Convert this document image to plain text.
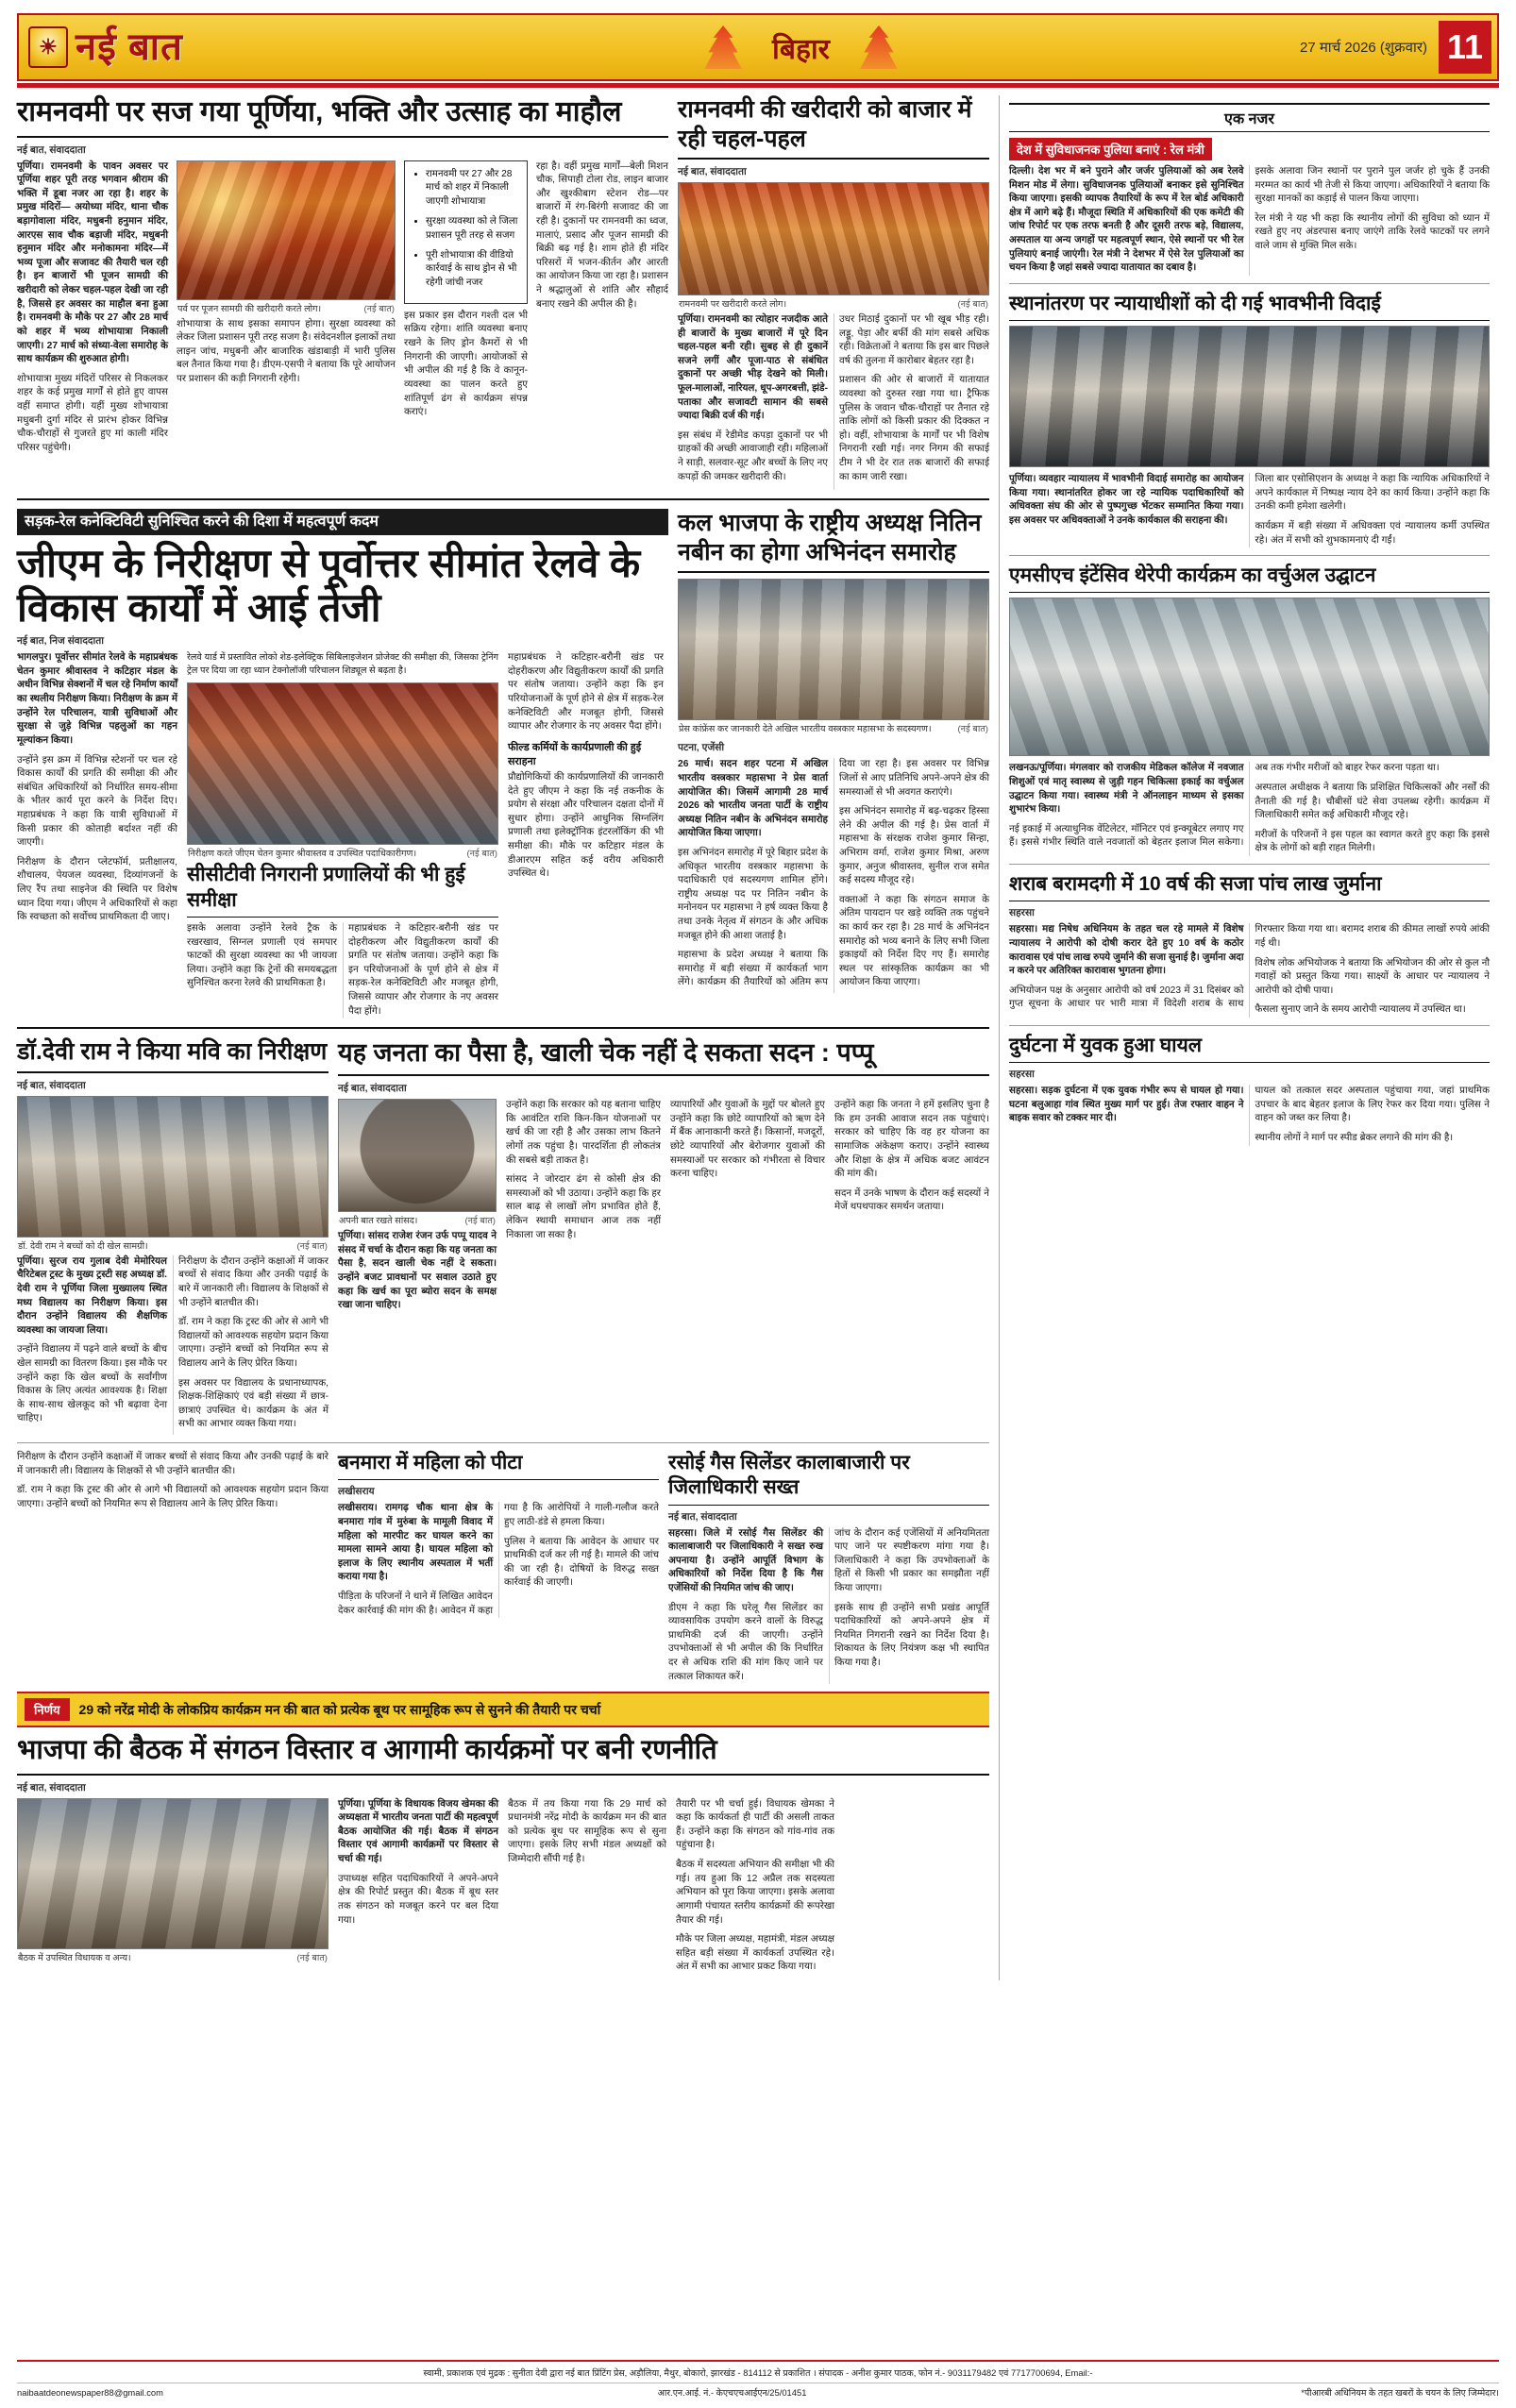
☀ नई बात	बिहार	27 मार्च 2026 (शुक्रवार) 11
रामनवमी पर सज गया पूर्णिया, भक्ति और उत्साह का माहौल
नई बात, संवाददाता

पूर्णिया। रामनवमी के पावन अवसर पर पूर्णिया शहर पूरी तरह भगवान श्रीराम की भक्ति में डूबा नजर आ रहा है। शहर के प्रमुख मंदिरों— अयोध्या मंदिर, थाना चौक बड़ागोवाला मंदिर, मधुबनी हनुमान मंदिर, आरएस साव चौक बड़ाजी मंदिर, मधुबनी हनुमान मंदिर और मनोकामना मंदिर—में भव्य पूजा और सजावट की तैयारी चल रही है। इन बाजारों भी पूजन सामग्री की खरीदारी को लेकर चहल-पहल देखी जा रही है, जिससे हर अवसर का माहौल बना हुआ है। रामनवमी के मौके पर 27 और 28 मार्च को शहर में भव्य शोभायात्रा निकाली जाएगी। 27 मार्च को संध्या-वेला समारोह के साथ कार्यक्रम की शुरुआत होगी।

शोभायात्रा मुख्य मंदिरों परिसर से निकलकर शहर के कई प्रमुख मार्गों से होते हुए वापस वहीं समाप्त होगी। यहीं मुख्य शोभायात्रा मधुबनी दुर्गा मंदिर से प्रारंभ होकर विभिन्न चौक-चौराहों से गुजरते हुए मां काली मंदिर परिसर पहुंचेगी।

पर्व पर पूजन सामग्री की खरीदारी करते लोग।	(नई बात)

शोभायात्रा के साथ इसका समापन होगा। सुरक्षा व्यवस्था को लेकर जिला प्रशासन पूरी तरह सजग है। संवेदनशील इलाकों तथा लाइन जांच, मधुबनी और बाजारिक खंडाबाड़ी में भारी पुलिस बल तैनात किया गया है। डीएम-एसपी ने बताया कि पूरे आयोजन पर प्रशासन की कड़ी निगरानी रहेगी।

• रामनवमी पर 27 और 28 मार्च को शहर में निकाली जाएगी शोभायात्रा
• सुरक्षा व्यवस्था को ले जिला प्रशासन पूरी तरह से सजग
• पूरी शोभायात्रा की वीडियो कार्रवाई के साथ ड्रोन से भी रहेगी जांची नजर

इस प्रकार इस दौरान गश्ती दल भी सक्रिय रहेगा। शांति व्यवस्था बनाए रखने के लिए ड्रोन कैमरों से भी निगरानी की जाएगी। आयोजकों से भी अपील की गई है कि वे कानून-व्यवस्था का पालन करते हुए शांतिपूर्ण ढंग से कार्यक्रम संपन्न कराएं।

रहा है। वहीं प्रमुख मार्गों—बेली मिशन चौक, सिपाही टोला रोड, लाइन बाजार और खुश्कीबाग स्टेशन रोड—पर बाजारों में रंग-बिरंगी सजावट की जा रही है। दुकानों पर रामनवमी का ध्वज, मालाएं, प्रसाद और पूजन सामग्री की बिक्री बढ़ गई है। शाम होते ही मंदिर परिसरों में भजन-कीर्तन और आरती का आयोजन किया जा रहा है। प्रशासन ने श्रद्धालुओं से शांति और सौहार्द बनाए रखने की अपील की है।

रामनवमी की खरीदारी को बाजार में रही चहल-पहल
नई बात, संवाददाता
रामनवमी पर खरीदारी करते लोग।	(नई बात)

पूर्णिया। रामनवमी का त्योहार नजदीक आते ही बाजारों के मुख्य बाजारों में पूरे दिन चहल-पहल बनी रही। सुबह से ही दुकानें सजने लगीं और पूजा-पाठ से संबंधित दुकानों पर अच्छी भीड़ देखने को मिली। फूल-मालाओं, नारियल, धूप-अगरबत्ती, झंडे-पताका और सजावटी सामान की सबसे ज्यादा बिक्री दर्ज की गई।

इस संबंध में रेडीमेड कपड़ा दुकानों पर भी ग्राहकों की अच्छी आवाजाही रही। महिलाओं ने साड़ी, सलवार-सूट और बच्चों के लिए नए कपड़ों की जमकर खरीदारी की।

उधर मिठाई दुकानों पर भी खूब भीड़ रही। लड्डू, पेड़ा और बर्फी की मांग सबसे अधिक रही। विक्रेताओं ने बताया कि इस बार पिछले वर्ष की तुलना में कारोबार बेहतर रहा है।

प्रशासन की ओर से बाजारों में यातायात व्यवस्था को दुरुस्त रखा गया था। ट्रैफिक पुलिस के जवान चौक-चौराहों पर तैनात रहे ताकि लोगों को किसी प्रकार की दिक्कत न हो। वहीं, शोभायात्रा के मार्गों पर भी विशेष निगरानी रखी गई। नगर निगम की सफाई टीम ने भी देर रात तक बाजारों की सफाई का काम जारी रखा।

सड़क-रेल कनेक्टिविटी सुनिश्चित करने की दिशा में महत्वपूर्ण कदम
जीएम के निरीक्षण से पूर्वोत्तर सीमांत रेलवे के विकास कार्यों में आई तेजी
नई बात, निज संवाददाता

भागलपुर। पूर्वोत्तर सीमांत रेलवे के महाप्रबंधक चेतन कुमार श्रीवास्तव ने कटिहार मंडल के अधीन विभिन्न सेक्शनों में चल रहे निर्माण कार्यों का स्थलीय निरीक्षण किया। निरीक्षण के क्रम में उन्होंने रेल परिचालन, यात्री सुविधाओं और सुरक्षा से जुड़े विभिन्न पहलुओं का गहन मूल्यांकन किया।

उन्होंने इस क्रम में विभिन्न स्टेशनों पर चल रहे विकास कार्यों की प्रगति की समीक्षा की और संबंधित अधिकारियों को निर्धारित समय-सीमा के भीतर कार्य पूरा करने के निर्देश दिए। महाप्रबंधक ने कहा कि यात्री सुविधाओं में किसी प्रकार की कोताही बर्दाश्त नहीं की जाएगी।

निरीक्षण के दौरान प्लेटफॉर्म, प्रतीक्षालय, शौचालय, पेयजल व्यवस्था, दिव्यांगजनों के लिए रैंप तथा साइनेज की स्थिति पर विशेष ध्यान दिया गया। जीएम ने अधिकारियों से कहा कि स्वच्छता को सर्वोच्च प्राथमिकता दी जाए।

रेलवे यार्ड में प्रस्तावित लोको शेड-इलेक्ट्रिक सिबिलाइजेशन प्रोजेक्ट की समीक्षा की, जिसका ट्रेनिंग ट्रेल पर दिया जा रहा ध्यान टेक्नोलॉजी परिचालन शिड्यूल से बढ़ता है।

निरीक्षण करते जीएम चेतन कुमार श्रीवास्तव व उपस्थित पदाधिकारीगण।	(नई बात)
सीसीटीवी निगरानी प्रणालियों की भी हुई समीक्षा

इसके अलावा उन्होंने रेलवे ट्रैक के रखरखाव, सिग्नल प्रणाली एवं समपार फाटकों की सुरक्षा व्यवस्था का भी जायजा लिया। उन्होंने कहा कि ट्रेनों की समयबद्धता सुनिश्चित करना रेलवे की प्राथमिकता है।

महाप्रबंधक ने कटिहार-बरौनी खंड पर दोहरीकरण और विद्युतीकरण कार्यों की प्रगति पर संतोष जताया। उन्होंने कहा कि इन परियोजनाओं के पूर्ण होने से क्षेत्र में सड़क-रेल कनेक्टिविटी और मजबूत होगी, जिससे व्यापार और रोजगार के नए अवसर पैदा होंगे।

महाप्रबंधक ने कटिहार-बरौनी खंड पर दोहरीकरण और विद्युतीकरण कार्यों की प्रगति पर संतोष जताया। उन्होंने कहा कि इन परियोजनाओं के पूर्ण होने से क्षेत्र में सड़क-रेल कनेक्टिविटी और मजबूत होगी, जिससे व्यापार और रोजगार के नए अवसर पैदा होंगे।

फील्ड कर्मियों के कार्यप्रणाली की हुई सराहना

प्रौद्योगिकियों की कार्यप्रणालियों की जानकारी देते हुए जीएम ने कहा कि नई तकनीक के प्रयोग से संरक्षा और परिचालन दक्षता दोनों में सुधार होगा। उन्होंने आधुनिक सिग्नलिंग प्रणाली तथा इलेक्ट्रॉनिक इंटरलॉकिंग की भी समीक्षा की। मौके पर कटिहार मंडल के डीआरएम सहित कई वरीय अधिकारी उपस्थित थे।

कल भाजपा के राष्ट्रीय अध्यक्ष नितिन नबीन का होगा अभिनंदन समारोह
प्रेस कांफ्रेंस कर जानकारी देते अखिल भारतीय वस्त्रकार महासभा के सदस्यगण।	(नई बात)
पटना, एजेंसी

26 मार्च। सदन शहर पटना में अखिल भारतीय वस्त्रकार महासभा ने प्रेस वार्ता आयोजित की। जिसमें आगामी 28 मार्च 2026 को भारतीय जनता पार्टी के राष्ट्रीय अध्यक्ष नितिन नबीन के अभिनंदन समारोह आयोजित किया जाएगा।

इस अभिनंदन समारोह में पूरे बिहार प्रदेश के अधिकृत भारतीय वस्त्रकार महासभा के पदाधिकारी एवं सदस्यगण शामिल होंगे। राष्ट्रीय अध्यक्ष पद पर नितिन नबीन के मनोनयन पर महासभा ने हर्ष व्यक्त किया है तथा उनके नेतृत्व में संगठन के और अधिक मजबूत होने की आशा जताई है।

महासभा के प्रदेश अध्यक्ष ने बताया कि समारोह में बड़ी संख्या में कार्यकर्ता भाग लेंगे। कार्यक्रम की तैयारियों को अंतिम रूप दिया जा रहा है। इस अवसर पर विभिन्न जिलों से आए प्रतिनिधि अपने-अपने क्षेत्र की समस्याओं से भी अवगत कराएंगे।

इस अभिनंदन समारोह में बढ़-चढ़कर हिस्सा लेने की अपील की गई है। प्रेस वार्ता में महासभा के संरक्षक राजेश कुमार सिन्हा, अभिराम वर्मा, राजेश कुमार मिश्रा, अरुण कुमार, अनुज श्रीवास्तव, सुनील राज समेत कई सदस्य मौजूद रहे।

वक्ताओं ने कहा कि संगठन समाज के अंतिम पायदान पर खड़े व्यक्ति तक पहुंचने का कार्य कर रहा है। 28 मार्च के अभिनंदन समारोह को भव्य बनाने के लिए सभी जिला इकाइयों को निर्देश दिए गए हैं। समारोह स्थल पर सांस्कृतिक कार्यक्रम का भी आयोजन किया जाएगा।

डॉ.देवी राम ने किया मवि का निरीक्षण
नई बात, संवाददाता
डॉ. देवी राम ने बच्चों को दी खेल सामग्री।	(नई बात)

पूर्णिया। सुरज राय गुलाब देवी मेमोरियल चैरिटेबल ट्रस्ट के मुख्य ट्रस्टी सह अध्यक्ष डॉ. देवी राम ने पूर्णिया जिला मुख्यालय स्थित मध्य विद्यालय का निरीक्षण किया। इस दौरान उन्होंने विद्यालय की शैक्षणिक व्यवस्था का जायजा लिया।

उन्होंने विद्यालय में पढ़ने वाले बच्चों के बीच खेल सामग्री का वितरण किया। इस मौके पर उन्होंने कहा कि खेल बच्चों के सर्वांगीण विकास के लिए अत्यंत आवश्यक है। शिक्षा के साथ-साथ खेलकूद को भी बढ़ावा देना चाहिए।

निरीक्षण के दौरान उन्होंने कक्षाओं में जाकर बच्चों से संवाद किया और उनकी पढ़ाई के बारे में जानकारी ली। विद्यालय के शिक्षकों से भी उन्होंने बातचीत की।

डॉ. राम ने कहा कि ट्रस्ट की ओर से आगे भी विद्यालयों को आवश्यक सहयोग प्रदान किया जाएगा। उन्होंने बच्चों को नियमित रूप से विद्यालय आने के लिए प्रेरित किया।

इस अवसर पर विद्यालय के प्रधानाध्यापक, शिक्षक-शिक्षिकाएं एवं बड़ी संख्या में छात्र-छात्राएं उपस्थित थे। कार्यक्रम के अंत में सभी का आभार व्यक्त किया गया।

यह जनता का पैसा है, खाली चेक नहीं दे सकता सदन : पप्पू
नई बात, संवाददाता
अपनी बात रखते सांसद।	(नई बात)

पूर्णिया। सांसद राजेश रंजन उर्फ पप्पू यादव ने संसद में चर्चा के दौरान कहा कि यह जनता का पैसा है, सदन खाली चेक नहीं दे सकता। उन्होंने बजट प्रावधानों पर सवाल उठाते हुए कहा कि खर्च का पूरा ब्योरा सदन के समक्ष रखा जाना चाहिए।

उन्होंने कहा कि सरकार को यह बताना चाहिए कि आवंटित राशि किन-किन योजनाओं पर खर्च की जा रही है और उसका लाभ कितने लोगों तक पहुंचा है। पारदर्शिता ही लोकतंत्र की सबसे बड़ी ताकत है।

सांसद ने जोरदार ढंग से कोसी क्षेत्र की समस्याओं को भी उठाया। उन्होंने कहा कि हर साल बाढ़ से लाखों लोग प्रभावित होते हैं, लेकिन स्थायी समाधान आज तक नहीं निकाला जा सका है।

व्यापारियों और युवाओं के मुद्दों पर बोलते हुए उन्होंने कहा कि छोटे व्यापारियों को ऋण देने में बैंक आनाकानी करते हैं। किसानों, मजदूरों, छोटे व्यापारियों और बेरोजगार युवाओं की समस्याओं पर सरकार को गंभीरता से विचार करना चाहिए।

उन्होंने कहा कि जनता ने हमें इसलिए चुना है कि हम उनकी आवाज सदन तक पहुंचाएं। सरकार को चाहिए कि वह हर योजना का सामाजिक अंकेक्षण कराए। उन्होंने स्वास्थ्य और शिक्षा के क्षेत्र में अधिक बजट आवंटन की मांग की।

सदन में उनके भाषण के दौरान कई सदस्यों ने मेजें थपथपाकर समर्थन जताया।

निरीक्षण के दौरान उन्होंने कक्षाओं में जाकर बच्चों से संवाद किया और उनकी पढ़ाई के बारे में जानकारी ली। विद्यालय के शिक्षकों से भी उन्होंने बातचीत की।

डॉ. राम ने कहा कि ट्रस्ट की ओर से आगे भी विद्यालयों को आवश्यक सहयोग प्रदान किया जाएगा। उन्होंने बच्चों को नियमित रूप से विद्यालय आने के लिए प्रेरित किया।

बनमारा में महिला को पीटा
लखीसराय

लखीसराय। रामगढ़ चौक थाना क्षेत्र के बनमारा गांव में मुरुंबा के मामूली विवाद में महिला को मारपीट कर घायल करने का मामला सामने आया है। घायल महिला को इलाज के लिए स्थानीय अस्पताल में भर्ती कराया गया है।

पीड़िता के परिजनों ने थाने में लिखित आवेदन देकर कार्रवाई की मांग की है। आवेदन में कहा गया है कि आरोपियों ने गाली-गलौज करते हुए लाठी-डंडे से हमला किया।

पुलिस ने बताया कि आवेदन के आधार पर प्राथमिकी दर्ज कर ली गई है। मामले की जांच की जा रही है। दोषियों के विरुद्ध सख्त कार्रवाई की जाएगी।

रसोई गैस सिलेंडर कालाबाजारी पर जिलाधिकारी सख्त
नई बात, संवाददाता

सहरसा। जिले में रसोई गैस सिलेंडर की कालाबाजारी पर जिलाधिकारी ने सख्त रुख अपनाया है। उन्होंने आपूर्ति विभाग के अधिकारियों को निर्देश दिया है कि गैस एजेंसियों की नियमित जांच की जाए।

डीएम ने कहा कि घरेलू गैस सिलेंडर का व्यावसायिक उपयोग करने वालों के विरुद्ध प्राथमिकी दर्ज की जाएगी। उन्होंने उपभोक्ताओं से भी अपील की कि निर्धारित दर से अधिक राशि की मांग किए जाने पर तत्काल शिकायत करें।

जांच के दौरान कई एजेंसियों में अनियमितता पाए जाने पर स्पष्टीकरण मांगा गया है। जिलाधिकारी ने कहा कि उपभोक्ताओं के हितों से किसी भी प्रकार का समझौता नहीं किया जाएगा।

इसके साथ ही उन्होंने सभी प्रखंड आपूर्ति पदाधिकारियों को अपने-अपने क्षेत्र में नियमित निगरानी रखने का निर्देश दिया है। शिकायत के लिए नियंत्रण कक्ष भी स्थापित किया गया है।

निर्णय	29 को नरेंद्र मोदी के लोकप्रिय कार्यक्रम मन की बात को प्रत्येक बूथ पर सामूहिक रूप से सुनने की तैयारी पर चर्चा
भाजपा की बैठक में संगठन विस्तार व आगामी कार्यक्रमों पर बनी रणनीति
नई बात, संवाददाता
बैठक में उपस्थित विधायक व अन्य।	(नई बात)

पूर्णिया। पूर्णिया के विधायक विजय खेमका की अध्यक्षता में भारतीय जनता पार्टी की महत्वपूर्ण बैठक आयोजित की गई। बैठक में संगठन विस्तार एवं आगामी कार्यक्रमों पर विस्तार से चर्चा की गई।

उपाध्यक्ष सहित पदाधिकारियों ने अपने-अपने क्षेत्र की रिपोर्ट प्रस्तुत की। बैठक में बूथ स्तर तक संगठन को मजबूत करने पर बल दिया गया।

बैठक में तय किया गया कि 29 मार्च को प्रधानमंत्री नरेंद्र मोदी के कार्यक्रम मन की बात को प्रत्येक बूथ पर सामूहिक रूप से सुना जाएगा। इसके लिए सभी मंडल अध्यक्षों को जिम्मेदारी सौंपी गई है।

तैयारी पर भी चर्चा हुई। विधायक खेमका ने कहा कि कार्यकर्ता ही पार्टी की असली ताकत हैं। उन्होंने कहा कि संगठन को गांव-गांव तक पहुंचाना है।

बैठक में सदस्यता अभियान की समीक्षा भी की गई। तय हुआ कि 12 अप्रैल तक सदस्यता अभियान को पूरा किया जाएगा। इसके अलावा आगामी पंचायत स्तरीय कार्यक्रमों की रूपरेखा तैयार की गई।

मौके पर जिला अध्यक्ष, महामंत्री, मंडल अध्यक्ष सहित बड़ी संख्या में कार्यकर्ता उपस्थित रहे। अंत में सभी का आभार प्रकट किया गया।

एक नजर
देश में सुविधाजनक पुलिया बनाएं : रेल मंत्री

दिल्ली। देश भर में बने पुराने और जर्जर पुलियाओं को अब रेलवे मिशन मोड में लेगा। सुविधाजनक पुलियाओं बनाकर इसे सुनिश्चित किया जाएगा। इसकी व्यापक तैयारियों के रूप में रेल बोर्ड अधिकारी क्षेत्र में आगे बढ़े हैं। मौजूदा स्थिति में अधिकारियों की एक कमेटी की जांच रिपोर्ट पर एक तरफ बनती है और दूसरी तरफ बड़े, विद्यालय, अस्पताल या अन्य जगहों पर महत्वपूर्ण स्थान, ऐसे स्थानों पर भी रेल पुलियाएं बनाई जाएंगी। रेल मंत्री ने देशभर में ऐसे रेल पुलियाओं का चयन किया है जहां सबसे ज्यादा यातायात का दबाव है।

इसके अलावा जिन स्थानों पर पुराने पुल जर्जर हो चुके हैं उनकी मरम्मत का कार्य भी तेजी से किया जाएगा। अधिकारियों ने बताया कि सुरक्षा मानकों का कड़ाई से पालन किया जाएगा।

रेल मंत्री ने यह भी कहा कि स्थानीय लोगों की सुविधा को ध्यान में रखते हुए नए अंडरपास बनाए जाएंगे ताकि रेलवे फाटकों पर लगने वाले जाम से मुक्ति मिल सके।

स्थानांतरण पर न्यायाधीशों को दी गई भावभीनी विदाई

पूर्णिया। व्यवहार न्यायालय में भावभीनी विदाई समारोह का आयोजन किया गया। स्थानांतरित होकर जा रहे न्यायिक पदाधिकारियों को अधिवक्ता संघ की ओर से पुष्पगुच्छ भेंटकर सम्मानित किया गया। इस अवसर पर अधिवक्ताओं ने उनके कार्यकाल की सराहना की।

जिला बार एसोसिएशन के अध्यक्ष ने कहा कि न्यायिक अधिकारियों ने अपने कार्यकाल में निष्पक्ष न्याय देने का कार्य किया। उन्होंने कहा कि उनकी कमी हमेशा खलेगी।

कार्यक्रम में बड़ी संख्या में अधिवक्ता एवं न्यायालय कर्मी उपस्थित रहे। अंत में सभी को शुभकामनाएं दी गईं।

एमसीएच इंटेंसिव थेरेपी कार्यक्रम का वर्चुअल उद्घाटन

लखनऊ/पूर्णिया। मंगलवार को राजकीय मेडिकल कॉलेज में नवजात शिशुओं एवं मातृ स्वास्थ्य से जुड़ी गहन चिकित्सा इकाई का वर्चुअल उद्घाटन किया गया। स्वास्थ्य मंत्री ने ऑनलाइन माध्यम से इसका शुभारंभ किया।

नई इकाई में अत्याधुनिक वेंटिलेटर, मॉनिटर एवं इन्क्यूबेटर लगाए गए हैं। इससे गंभीर स्थिति वाले नवजातों को बेहतर इलाज मिल सकेगा। अब तक गंभीर मरीजों को बाहर रेफर करना पड़ता था।

अस्पताल अधीक्षक ने बताया कि प्रशिक्षित चिकित्सकों और नर्सों की तैनाती की गई है। चौबीसों घंटे सेवा उपलब्ध रहेगी। कार्यक्रम में जिलाधिकारी समेत कई अधिकारी मौजूद रहे।

मरीजों के परिजनों ने इस पहल का स्वागत करते हुए कहा कि इससे क्षेत्र के लोगों को बड़ी राहत मिलेगी।

शराब बरामदगी में 10 वर्ष की सजा पांच लाख जुर्माना
सहरसा

सहरसा। मद्य निषेध अधिनियम के तहत चल रहे मामले में विशेष न्यायालय ने आरोपी को दोषी करार देते हुए 10 वर्ष के कठोर कारावास एवं पांच लाख रुपये जुर्माने की सजा सुनाई है। जुर्माना अदा न करने पर अतिरिक्त कारावास भुगतना होगा।

अभियोजन पक्ष के अनुसार आरोपी को वर्ष 2023 में 31 दिसंबर को गुप्त सूचना के आधार पर भारी मात्रा में विदेशी शराब के साथ गिरफ्तार किया गया था। बरामद शराब की कीमत लाखों रुपये आंकी गई थी।

विशेष लोक अभियोजक ने बताया कि अभियोजन की ओर से कुल नौ गवाहों को प्रस्तुत किया गया। साक्ष्यों के आधार पर न्यायालय ने आरोपी को दोषी पाया।

फैसला सुनाए जाने के समय आरोपी न्यायालय में उपस्थित था।

दुर्घटना में युवक हुआ घायल
सहरसा

सहरसा। सड़क दुर्घटना में एक युवक गंभीर रूप से घायल हो गया। घटना बलुआहा गांव स्थित मुख्य मार्ग पर हुई। तेज रफ्तार वाहन ने बाइक सवार को टक्कर मार दी।

घायल को तत्काल सदर अस्पताल पहुंचाया गया, जहां प्राथमिक उपचार के बाद बेहतर इलाज के लिए रेफर कर दिया गया। पुलिस ने वाहन को जब्त कर लिया है।

स्थानीय लोगों ने मार्ग पर स्पीड ब्रेकर लगाने की मांग की है।

स्वामी, प्रकाशक एवं मुद्रक : सुनीता देवी द्वारा नई बात प्रिंटिंग प्रेस, अड़ौलिया, मैथुर, बोकारो, झारखंड - 814112 से प्रकाशित । संपादक - अनीश कुमार पाठक, फोन नं.- 9031179482 एवं 7717700694, Email:-
naibaatdeonewspaper88@gmail.com	आर.एन.आई. नं.- केएचएचआईएन/25/01451	*पीआरबी अधिनियम के तहत खबरों के चयन के लिए जिम्मेदार।
